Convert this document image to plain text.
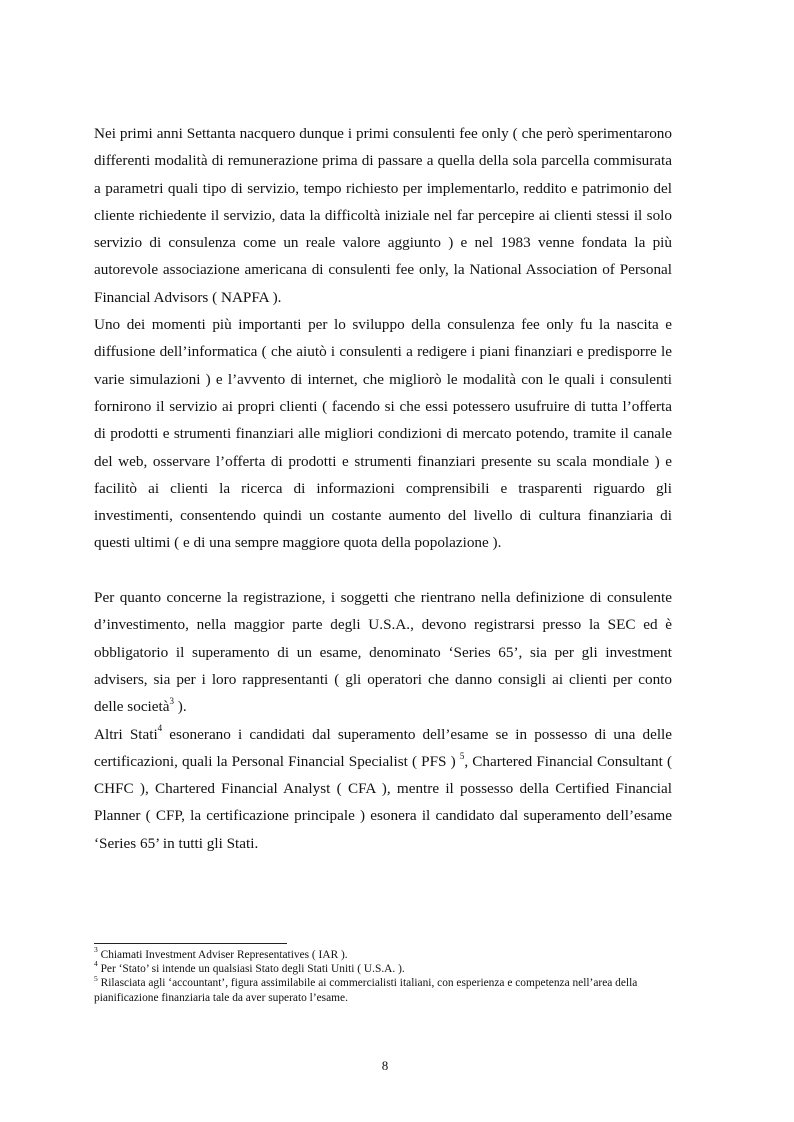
Nei primi anni Settanta nacquero dunque i primi consulenti fee only ( che però sperimentarono differenti modalità di remunerazione prima di passare a quella della sola parcella commisurata a parametri quali tipo di servizio, tempo richiesto per implementarlo, reddito e patrimonio del cliente richiedente il servizio, data la difficoltà iniziale nel far percepire ai clienti stessi il solo servizio di consulenza come un reale valore aggiunto ) e nel 1983 venne fondata la più autorevole associazione americana di consulenti fee only, la National Association of Personal Financial Advisors ( NAPFA ).

Uno dei momenti più importanti per lo sviluppo della consulenza fee only fu la nascita e diffusione dell’informatica ( che aiutò i consulenti a redigere i piani finanziari e predisporre le varie simulazioni ) e l’avvento di internet, che migliorò le modalità con le quali i consulenti fornirono il servizio ai propri clienti ( facendo si che essi potessero usufruire di tutta l’offerta di prodotti e strumenti finanziari alle migliori condizioni di mercato potendo, tramite il canale del web, osservare l’offerta di prodotti e strumenti finanziari presente su scala mondiale ) e facilitò ai clienti la ricerca di informazioni comprensibili e trasparenti riguardo gli investimenti, consentendo quindi un costante aumento del livello di cultura finanziaria di questi ultimi ( e di una sempre maggiore quota della popolazione ).

Per quanto concerne la registrazione, i soggetti che rientrano nella definizione di consulente d’investimento, nella maggior parte degli U.S.A., devono registrarsi presso la SEC ed è obbligatorio il superamento di un esame, denominato ‘Series 65’, sia per gli investment advisers, sia per i loro rappresentanti ( gli operatori che danno consigli ai clienti per conto delle società$^3$ ).

Altri Stati$^4$ esonerano i candidati dal superamento dell’esame se in possesso di una delle certificazioni, quali la Personal Financial Specialist ( PFS ) $^5$, Chartered Financial Consultant ( CHFC ), Chartered Financial Analyst ( CFA ), mentre il possesso della Certified Financial Planner ( CFP, la certificazione principale ) esonera il candidato dal superamento dell’esame ‘Series 65’ in tutti gli Stati.

$^3$ Chiamati Investment Adviser Representatives ( IAR ).

$^4$ Per ‘Stato’ si intende un qualsiasi Stato degli Stati Uniti ( U.S.A. ).

$^5$ Rilasciata agli ‘accountant’, figura assimilabile ai commercialisti italiani, con esperienza e competenza nell’area della pianificazione finanziaria tale da aver superato l’esame.

8
